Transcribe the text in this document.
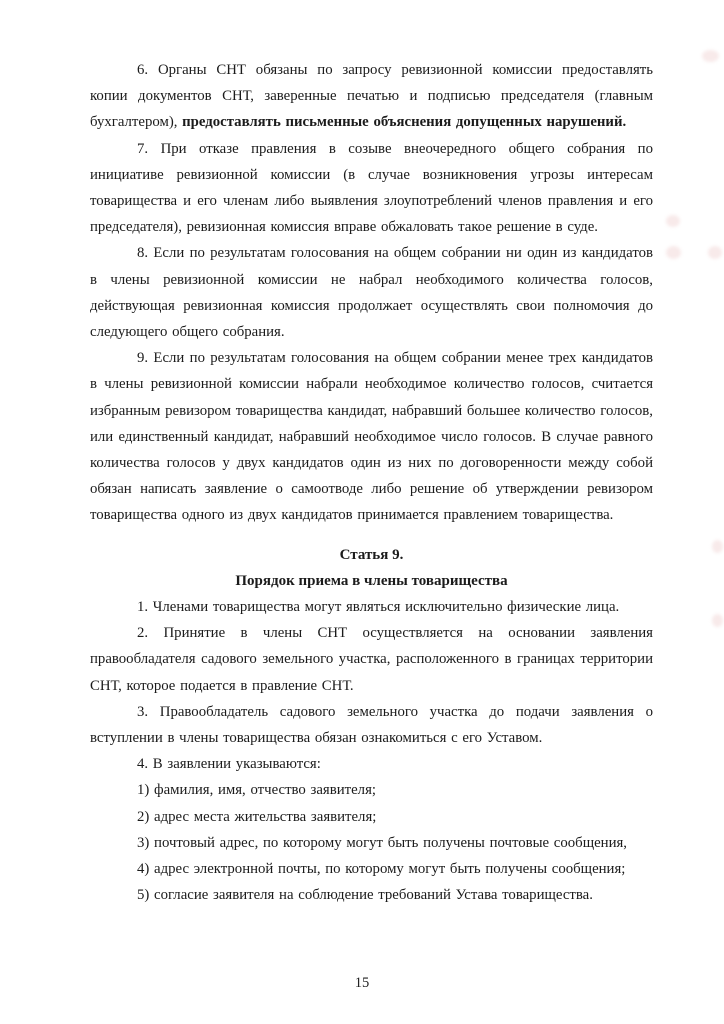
6. Органы СНТ обязаны по запросу ревизионной комиссии предоставлять копии документов СНТ, заверенные печатью и подписью председателя (главным бухгалтером), предоставлять письменные объяснения допущенных нарушений.

7. При отказе правления в созыве внеочередного общего собрания по инициативе ревизионной комиссии (в случае возникновения угрозы интересам товарищества и его членам либо выявления злоупотреблений членов правления и его председателя), ревизионная комиссия вправе обжаловать такое решение в суде.

8. Если по результатам голосования на общем собрании ни один из кандидатов в члены ревизионной комиссии не набрал необходимого количества голосов, действующая ревизионная комиссия продолжает осуществлять свои полномочия до следующего общего собрания.

9. Если по результатам голосования на общем собрании менее трех кандидатов в члены ревизионной комиссии набрали необходимое количество голосов, считается избранным ревизором товарищества кандидат, набравший большее количество голосов, или единственный кандидат, набравший необходимое число голосов. В случае равного количества голосов у двух кандидатов один из них по договоренности между собой обязан написать заявление о самоотводе либо решение об утверждении ревизором товарищества одного из двух кандидатов принимается правлением товарищества.

Статья 9.

Порядок приема в члены товарищества

1. Членами товарищества могут являться исключительно физические лица.

2. Принятие в члены СНТ осуществляется на основании заявления правообладателя садового земельного участка, расположенного в границах территории СНТ, которое подается в правление СНТ.

3. Правообладатель садового земельного участка до подачи заявления о вступлении в члены товарищества обязан ознакомиться с его Уставом.

4. В заявлении указываются:

1) фамилия, имя, отчество заявителя;

2) адрес места жительства заявителя;

3) почтовый адрес, по которому могут быть получены почтовые сообщения,

4) адрес электронной почты, по которому могут быть получены сообщения;

5) согласие заявителя на соблюдение требований Устава товарищества.

15
